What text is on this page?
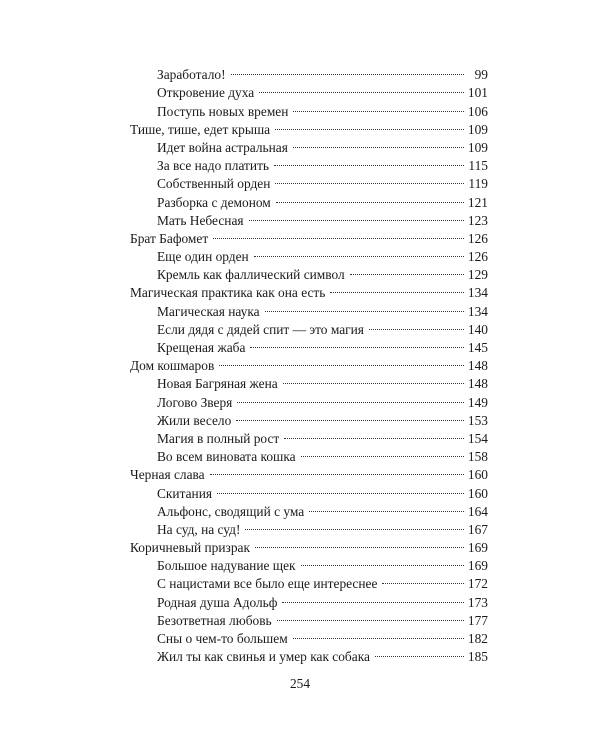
Заработало!	99
Откровение духа	101
Поступь новых времен	106
Тише, тише, едет крыша	109
Идет война астральная	109
За все надо платить	115
Собственный орден	119
Разборка с демоном	121
Мать Небесная	123
Брат Бафомет	126
Еще один орден	126
Кремль как фаллический символ	129
Магическая практика как она есть	134
Магическая наука	134
Если дядя с дядей спит — это магия	140
Крещеная жаба	145
Дом кошмаров	148
Новая Багряная жена	148
Логово Зверя	149
Жили весело	153
Магия в полный рост	154
Во всем виновата кошка	158
Черная слава	160
Скитания	160
Альфонс, сводящий с ума	164
На суд, на суд!	167
Коричневый призрак	169
Большое надувание щек	169
С нацистами все было еще интереснее	172
Родная душа Адольф	173
Безответная любовь	177
Сны о чем-то большем	182
Жил ты как свинья и умер как собака	185
254
